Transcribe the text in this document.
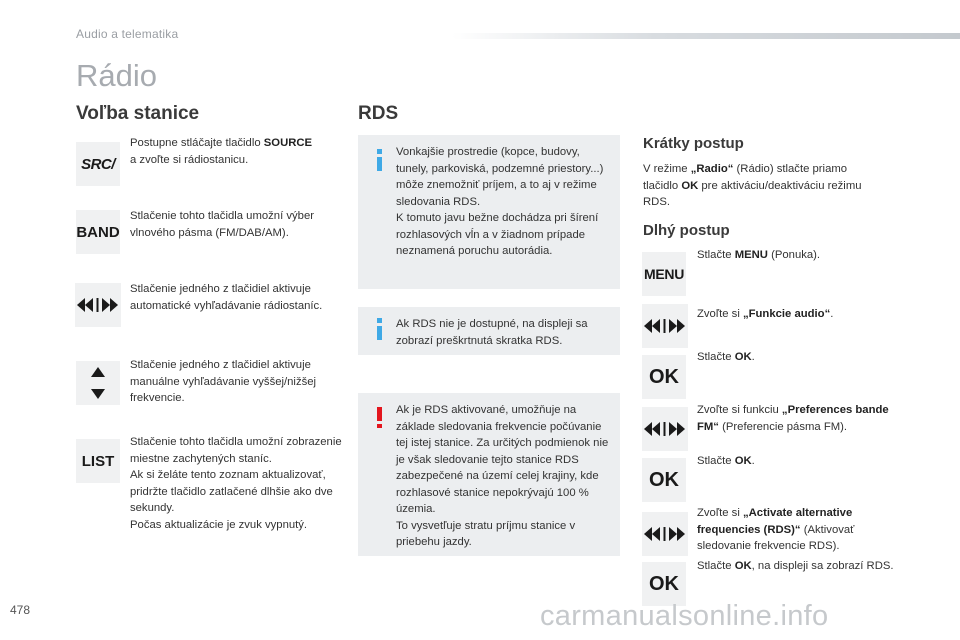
Audio a telematika
Rádio
Voľba stanice
SRC/
Postupne stláčajte tlačidlo SOURCE
a zvoľte si rádiostanicu.
BAND
Stlačenie tohto tlačidla umožní výber vlnového pásma (FM/DAB/AM).
Stlačenie jedného z tlačidiel aktivuje automatické vyhľadávanie rádiostaníc.
Stlačenie jedného z tlačidiel aktivuje manuálne vyhľadávanie vyššej/nižšej frekvencie.
LIST
Stlačenie tohto tlačidla umožní zobrazenie miestne zachytených staníc.
Ak si želáte tento zoznam aktualizovať, pridržte tlačidlo zatlačené dlhšie ako dve sekundy.
Počas aktualizácie je zvuk vypnutý.
RDS
Vonkajšie prostredie (kopce, budovy, tunely, parkoviská, podzemné priestory...) môže znemožniť príjem, a to aj v režime sledovania RDS.
K tomuto javu bežne dochádza pri šírení rozhlasových vĺn a v žiadnom prípade neznamená poruchu autorádia.
Ak RDS nie je dostupné, na displeji sa zobrazí preškrtnutá skratka RDS.
Ak je RDS aktivované, umožňuje na základe sledovania frekvencie počúvanie tej istej stanice. Za určitých podmienok nie je však sledovanie tejto stanice RDS zabezpečené na území celej krajiny, kde rozhlasové stanice nepokrývajú 100 % územia.
To vysvetľuje stratu príjmu stanice v priebehu jazdy.
Krátky postup
V režime „Radio“ (Rádio) stlačte priamo tlačidlo OK pre aktiváciu/deaktiváciu režimu RDS.
Dlhý postup
MENU
Stlačte MENU (Ponuka).
Zvoľte si „Funkcie audio“.
OK
Stlačte OK.
Zvoľte si funkciu „Preferences bande FM“ (Preferencie pásma FM).
OK
Stlačte OK.
Zvoľte si „Activate alternative frequencies (RDS)“ (Aktivovať sledovanie frekvencie RDS).
OK
Stlačte OK, na displeji sa zobrazí RDS.
478	carmanualsonline.info
